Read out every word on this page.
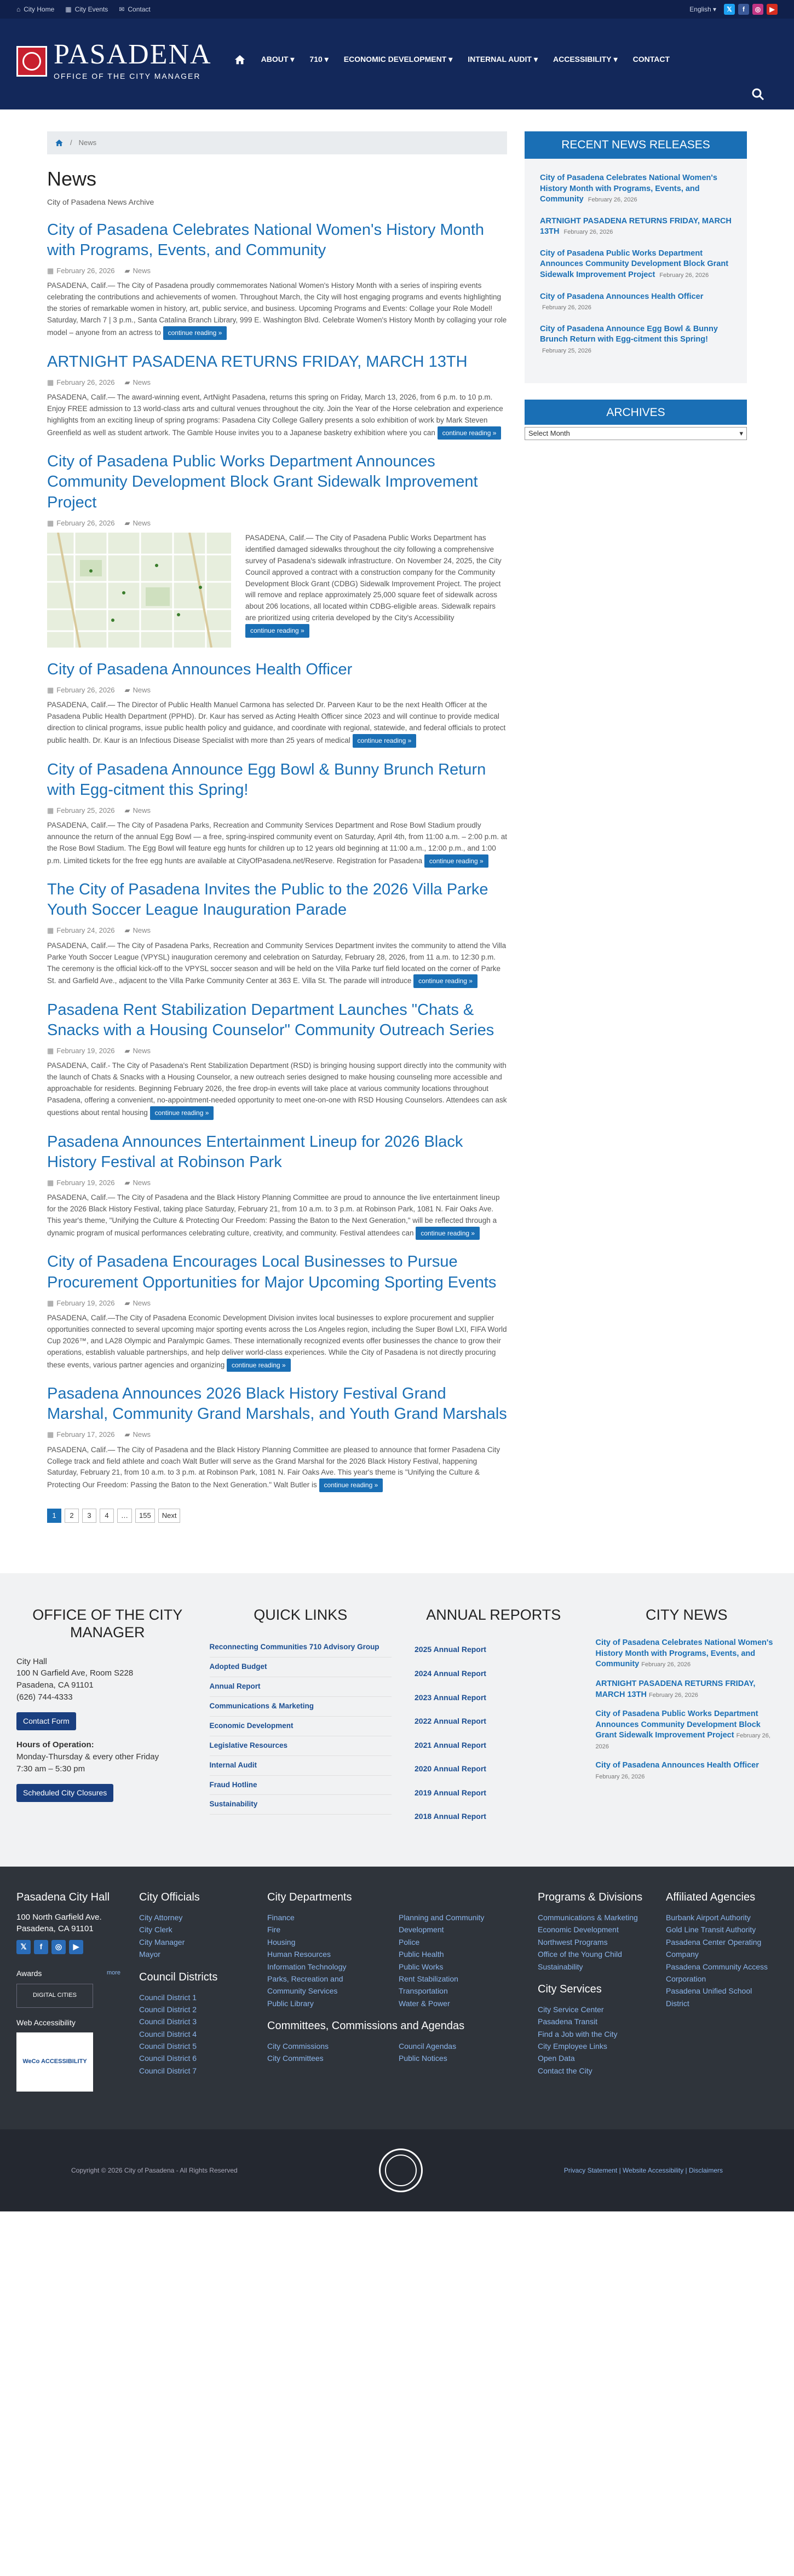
⌂ City Home ▦ City Events ✉ Contact	English ▾	𝕏	f	◎	▶
PASADENA
OFFICE OF THE CITY MANAGER
ABOUT ▾ 710 ▾ ECONOMIC DEVELOPMENT ▾ INTERNAL AUDIT ▾ ACCESSIBILITY ▾ CONTACT
/ News
News
City of Pasadena News Archive
City of Pasadena Celebrates National Women's History Month with Programs, Events, and Community
▦ February 26, 2026 ▰ News

PASADENA, Calif.— The City of Pasadena proudly commemorates National Women's History Month with a series of inspiring events celebrating the contributions and achievements of women. Throughout March, the City will host engaging programs and events highlighting the stories of remarkable women in history, art, public service, and business. Upcoming Programs and Events: Collage your Role Model! Saturday, March 7 | 3 p.m., Santa Catalina Branch Library, 999 E. Washington Blvd. Celebrate Women's History Month by collaging your role model – anyone from an actress to continue reading »

ARTNIGHT PASADENA RETURNS FRIDAY, MARCH 13TH
▦ February 26, 2026 ▰ News

PASADENA, Calif.— The award-winning event, ArtNight Pasadena, returns this spring on Friday, March 13, 2026, from 6 p.m. to 10 p.m. Enjoy FREE admission to 13 world-class arts and cultural venues throughout the city. Join the Year of the Horse celebration and experience highlights from an exciting lineup of spring programs: Pasadena City College Gallery presents a solo exhibition of work by Mark Steven Greenfield as well as student artwork. The Gamble House invites you to a Japanese basketry exhibition where you can continue reading »

City of Pasadena Public Works Department Announces Community Development Block Grant Sidewalk Improvement Project
▦ February 26, 2026 ▰ News

PASADENA, Calif.— The City of Pasadena Public Works Department has identified damaged sidewalks throughout the city following a comprehensive survey of Pasadena's sidewalk infrastructure. On November 24, 2025, the City Council approved a contract with a construction company for the Community Development Block Grant (CDBG) Sidewalk Improvement Project. The project will remove and replace approximately 25,000 square feet of sidewalk across about 206 locations, all located within CDBG-eligible areas. Sidewalk repairs are prioritized using criteria developed by the City's Accessibility continue reading »

City of Pasadena Announces Health Officer
▦ February 26, 2026 ▰ News

PASADENA, Calif.— The Director of Public Health Manuel Carmona has selected Dr. Parveen Kaur to be the next Health Officer at the Pasadena Public Health Department (PPHD). Dr. Kaur has served as Acting Health Officer since 2023 and will continue to provide medical direction to clinical programs, issue public health policy and guidance, and coordinate with regional, statewide, and federal officials to protect public health. Dr. Kaur is an Infectious Disease Specialist with more than 25 years of medical continue reading »

City of Pasadena Announce Egg Bowl & Bunny Brunch Return with Egg-citment this Spring!
▦ February 25, 2026 ▰ News

PASADENA, Calif.— The City of Pasadena Parks, Recreation and Community Services Department and Rose Bowl Stadium proudly announce the return of the annual Egg Bowl — a free, spring-inspired community event on Saturday, April 4th, from 11:00 a.m. – 2:00 p.m. at the Rose Bowl Stadium. The Egg Bowl will feature egg hunts for children up to 12 years old beginning at 11:00 a.m., 12:00 p.m., and 1:00 p.m. Limited tickets for the free egg hunts are available at CityOfPasadena.net/Reserve. Registration for Pasadena continue reading »

The City of Pasadena Invites the Public to the 2026 Villa Parke Youth Soccer League Inauguration Parade
▦ February 24, 2026 ▰ News

PASADENA, Calif.— The City of Pasadena Parks, Recreation and Community Services Department invites the community to attend the Villa Parke Youth Soccer League (VPYSL) inauguration ceremony and celebration on Saturday, February 28, 2026, from 11 a.m. to 12:30 p.m. The ceremony is the official kick-off to the VPYSL soccer season and will be held on the Villa Parke turf field located on the corner of Parke St. and Garfield Ave., adjacent to the Villa Parke Community Center at 363 E. Villa St. The parade will introduce continue reading »

Pasadena Rent Stabilization Department Launches "Chats & Snacks with a Housing Counselor" Community Outreach Series
▦ February 19, 2026 ▰ News

PASADENA, Calif.- The City of Pasadena's Rent Stabilization Department (RSD) is bringing housing support directly into the community with the launch of Chats & Snacks with a Housing Counselor, a new outreach series designed to make housing counseling more accessible and approachable for residents. Beginning February 2026, the free drop-in events will take place at various community locations throughout Pasadena, offering a convenient, no-appointment-needed opportunity to meet one-on-one with RSD Housing Counselors. Attendees can ask questions about rental housing continue reading »

Pasadena Announces Entertainment Lineup for 2026 Black History Festival at Robinson Park
▦ February 19, 2026 ▰ News

PASADENA, Calif.— The City of Pasadena and the Black History Planning Committee are proud to announce the live entertainment lineup for the 2026 Black History Festival, taking place Saturday, February 21, from 10 a.m. to 3 p.m. at Robinson Park, 1081 N. Fair Oaks Ave. This year's theme, "Unifying the Culture & Protecting Our Freedom: Passing the Baton to the Next Generation," will be reflected through a dynamic program of musical performances celebrating culture, creativity, and community. Festival attendees can continue reading »

City of Pasadena Encourages Local Businesses to Pursue Procurement Opportunities for Major Upcoming Sporting Events
▦ February 19, 2026 ▰ News

PASADENA, Calif.—The City of Pasadena Economic Development Division invites local businesses to explore procurement and supplier opportunities connected to several upcoming major sporting events across the Los Angeles region, including the Super Bowl LXI, FIFA World Cup 2026™, and LA28 Olympic and Paralympic Games. These internationally recognized events offer businesses the chance to grow their operations, establish valuable partnerships, and help deliver world-class experiences. While the City of Pasadena is not directly procuring these events, various partner agencies and organizing continue reading »

Pasadena Announces 2026 Black History Festival Grand Marshal, Community Grand Marshals, and Youth Grand Marshals
▦ February 17, 2026 ▰ News

PASADENA, Calif.— The City of Pasadena and the Black History Planning Committee are pleased to announce that former Pasadena City College track and field athlete and coach Walt Butler will serve as the Grand Marshal for the 2026 Black History Festival, happening Saturday, February 21, from 10 a.m. to 3 p.m. at Robinson Park, 1081 N. Fair Oaks Ave. This year's theme is "Unifying the Culture & Protecting Our Freedom: Passing the Baton to the Next Generation." Walt Butler is continue reading »

1	2	3	4	…	155	Next
RECENT NEWS RELEASES
City of Pasadena Celebrates National Women's History Month with Programs, Events, and Community February 26, 2026
ARTNIGHT PASADENA RETURNS FRIDAY, MARCH 13TH February 26, 2026
City of Pasadena Public Works Department Announces Community Development Block Grant Sidewalk Improvement Project February 26, 2026
City of Pasadena Announces Health Officer February 26, 2026
City of Pasadena Announce Egg Bowl & Bunny Brunch Return with Egg-citment this Spring! February 25, 2026
ARCHIVES
Select Month	▾
OFFICE OF THE CITY MANAGER

City Hall

100 N Garfield Ave, Room S228

Pasadena, CA 91101

(626) 744-4333

Contact Form

Hours of Operation:

Monday-Thursday & every other Friday

7:30 am – 5:30 pm

Scheduled City Closures
QUICK LINKS
Reconnecting Communities 710 Advisory Group
Adopted Budget
Annual Report
Communications & Marketing
Economic Development
Legislative Resources
Internal Audit
Fraud Hotline
Sustainability
ANNUAL REPORTS
2025 Annual Report
2024 Annual Report
2023 Annual Report
2022 Annual Report
2021 Annual Report
2020 Annual Report
2019 Annual Report
2018 Annual Report
CITY NEWS
City of Pasadena Celebrates National Women's History Month with Programs, Events, and Community February 26, 2026
ARTNIGHT PASADENA RETURNS FRIDAY, MARCH 13TH February 26, 2026
City of Pasadena Public Works Department Announces Community Development Block Grant Sidewalk Improvement Project February 26, 2026
City of Pasadena Announces Health Officer February 26, 2026
Pasadena City Hall

100 North Garfield Ave.

Pasadena, CA 91101

𝕏	f	◎	▶
Awards	more
DIGITAL CITIES
Web Accessibility
WeCo ACCESSIBILITY
City Officials
City Attorney
City Clerk
City Manager
Mayor
Council Districts
Council District 1
Council District 2
Council District 3
Council District 4
Council District 5
Council District 6
Council District 7
City Departments
Finance
Fire
Housing
Human Resources
Information Technology
Parks, Recreation and Community Services
Public Library
Planning and Community Development
Police
Public Health
Public Works
Rent Stabilization
Transportation
Water & Power
Committees, Commissions and Agendas
City Commissions
City Committees
Council Agendas
Public Notices
Programs & Divisions
Communications & Marketing
Economic Development
Northwest Programs
Office of the Young Child
Sustainability
City Services
City Service Center
Pasadena Transit
Find a Job with the City
City Employee Links
Open Data
Contact the City
Affiliated Agencies
Burbank Airport Authority
Gold Line Transit Authority
Pasadena Center Operating Company
Pasadena Community Access Corporation
Pasadena Unified School District
Copyright © 2026 City of Pasadena - All Rights Reserved	Privacy Statement | Website Accessibility | Disclaimers
